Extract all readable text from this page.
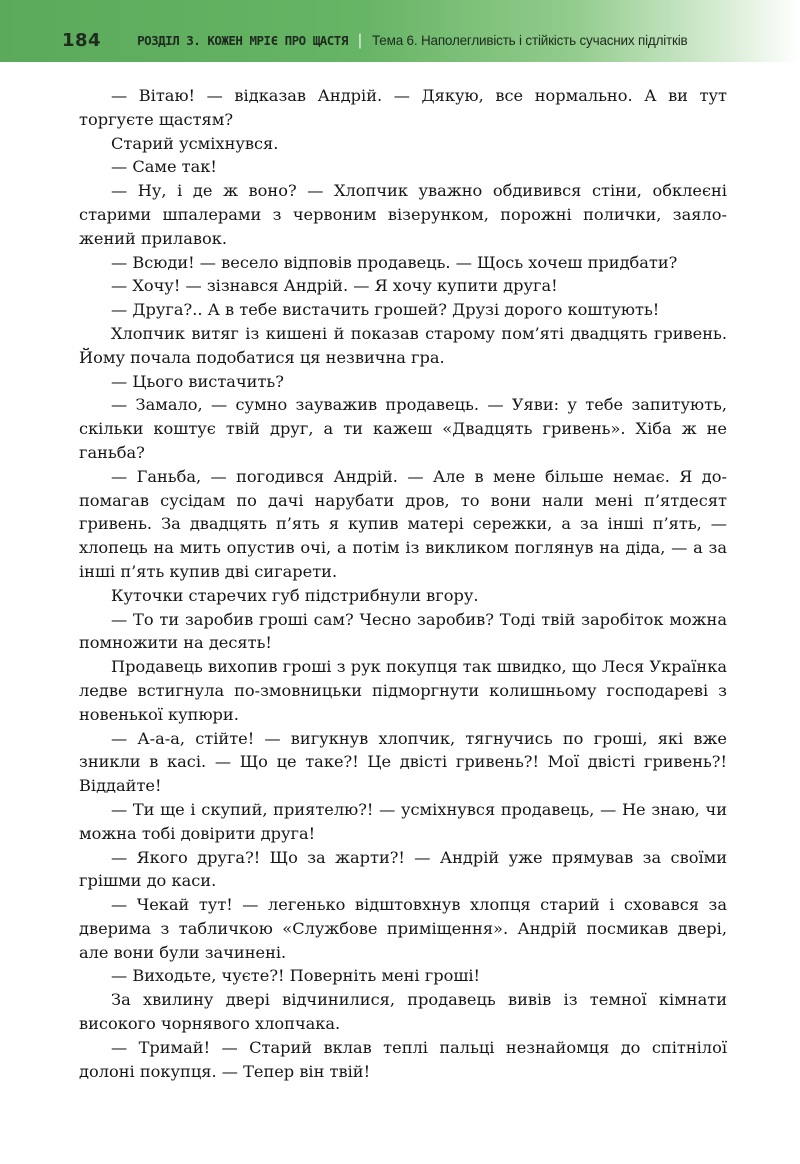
184	РОЗДІЛ 3. КОЖЕН МРІЄ ПРО ЩАСТЯ | Тема 6. Наполегливість і стійкість сучасних підлітків

— Вітаю! — відказав Андрій. — Дякую, все нормально. А ви тут торгуєте щастям?

Старий усміхнувся.

— Саме так!

— Ну, і де ж воно? — Хлопчик уважно обдивився стіни, обклеєні старими шпалерами з червоним візерунком, порожні полички, заяложений прилавок.

— Всюди! — весело відповів продавець. — Щось хочеш придбати?

— Хочу! — зізнався Андрій. — Я хочу купити друга!

— Друга?.. А в тебе вистачить грошей? Друзі дорого коштують!

Хлопчик витяг із кишені й показав старому пом’яті двадцять гривень. Йому почала подобатися ця незвична гра.

— Цього вистачить?

— Замало, — сумно зауважив продавець. — Уяви: у тебе запитують, скільки коштує твій друг, а ти кажеш «Двадцять гривень». Хіба ж не ганьба?

— Ганьба, — погодився Андрій. — Але в мене більше немає. Я допомагав сусідам по дачі нарубати дров, то вони нали мені п’ятдесят гривень. За двадцять п’ять я купив матері сережки, а за інші п’ять, — хлопець на мить опустив очі, а потім із викликом поглянув на діда, — а за інші п’ять купив дві сигарети.

Куточки старечих губ підстрибнули вгору.

— То ти заробив гроші сам? Чесно заробив? Тоді твій заробіток можна помножити на десять!

Продавець вихопив гроші з рук покупця так швидко, що Леся Українка ледве встигнула по-змовницьки підморгнути колишньому господареві з новенької купюри.

— А-а-а, стійте! — вигукнув хлопчик, тягнучись по гроші, які вже зникли в касі. — Що це таке?! Це двісті гривень?! Мої двісті гривень?! Віддайте!

— Ти ще і скупий, приятелю?! — усміхнувся продавець, — Не знаю, чи можна тобі довірити друга!

— Якого друга?! Що за жарти?! — Андрій уже прямував за своїми грішми до каси.

— Чекай тут! — легенько відштовхнув хлопця старий і сховався за дверима з табличкою «Службове приміщення». Андрій посмикав двері, але вони були зачинені.

— Виходьте, чуєте?! Поверніть мені гроші!

За хвилину двері відчинилися, продавець вивів із темної кімнати високого чорнявого хлопчака.

— Тримай! — Старий вклав теплі пальці незнайомця до спітнілої долоні покупця. — Тепер він твій!
